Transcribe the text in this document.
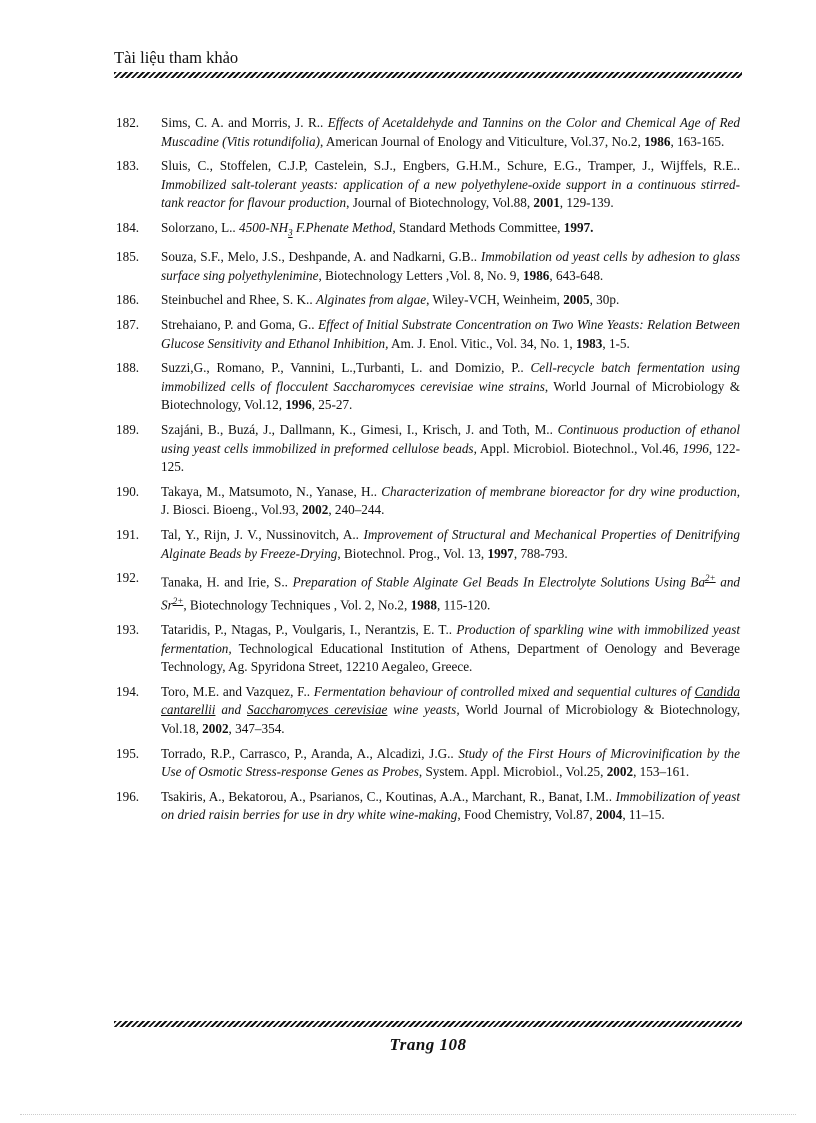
Tài liệu tham khảo
182.	Sims, C. A. and Morris, J. R.. Effects of Acetaldehyde and Tannins on the Color and Chemical Age of Red Muscadine (Vitis rotundifolia), American Journal of Enology and Viticulture, Vol.37, No.2, 1986, 163-165.
183.	Sluis, C., Stoffelen, C.J.P, Castelein, S.J., Engbers, G.H.M., Schure, E.G., Tramper, J., Wijffels, R.E.. Immobilized salt-tolerant yeasts: application of a new polyethylene-oxide support in a continuous stirred-tank reactor for flavour production, Journal of Biotechnology, Vol.88, 2001, 129-139.
184.	Solorzano, L.. $4500-NH_3$ F.Phenate Method, Standard Methods Committee, 1997.
185.	Souza, S.F., Melo, J.S., Deshpande, A. and Nadkarni, G.B.. Immobilation od yeast cells by adhesion to glass surface sing polyethylenimine, Biotechnology Letters ,Vol. 8, No. 9, 1986, 643-648.
186.	Steinbuchel and Rhee, S. K.. Alginates from algae, Wiley-VCH, Weinheim, 2005, 30p.
187.	Strehaiano, P. and Goma, G.. Effect of Initial Substrate Concentration on Two Wine Yeasts: Relation Between Glucose Sensitivity and Ethanol Inhibition, Am. J. Enol. Vitic., Vol. 34, No. 1, 1983, 1-5.
188.	Suzzi,G., Romano, P., Vannini, L.,Turbanti, L. and Domizio, P.. Cell-recycle batch fermentation using immobilized cells of flocculent Saccharomyces cerevisiae wine strains, World Journal of Microbiology & Biotechnology, Vol.12, 1996, 25-27.
189.	Szajáni, B., Buzá, J., Dallmann, K., Gimesi, I., Krisch, J. and Toth, M.. Continuous production of ethanol using yeast cells immobilized in preformed cellulose beads, Appl. Microbiol. Biotechnol., Vol.46, 1996, 122-125.
190.	Takaya, M., Matsumoto, N., Yanase, H.. Characterization of membrane bioreactor for dry wine production, J. Biosci. Bioeng., Vol.93, 2002, 240–244.
191.	Tal, Y., Rijn, J. V., Nussinovitch, A.. Improvement of Structural and Mechanical Properties of Denitrifying Alginate Beads by Freeze-Drying, Biotechnol. Prog., Vol. 13, 1997, 788-793.
192.	Tanaka, H. and Irie, S.. Preparation of Stable Alginate Gel Beads In Electrolyte Solutions Using $Ba^{2+}$ and $Sr^{2+}$, Biotechnology Techniques , Vol. 2, No.2, 1988, 115-120.
193.	Tataridis, P., Ntagas, P., Voulgaris, I., Nerantzis, E. T.. Production of sparkling wine with immobilized yeast fermentation, Technological Educational Institution of Athens, Department of Oenology and Beverage Technology, Ag. Spyridona Street, 12210 Aegaleo, Greece.
194.	Toro, M.E. and Vazquez, F.. Fermentation behaviour of controlled mixed and sequential cultures of Candida cantarellii and Saccharomyces cerevisiae wine yeasts, World Journal of Microbiology & Biotechnology, Vol.18, 2002, 347–354.
195.	Torrado, R.P., Carrasco, P., Aranda, A., Alcadizi, J.G.. Study of the First Hours of Microvinification by the Use of Osmotic Stress-response Genes as Probes, System. Appl. Microbiol., Vol.25, 2002, 153–161.
196.	Tsakiris, A., Bekatorou, A., Psarianos, C., Koutinas, A.A., Marchant, R., Banat, I.M.. Immobilization of yeast on dried raisin berries for use in dry white wine-making, Food Chemistry, Vol.87, 2004, 11–15.
Trang 108
